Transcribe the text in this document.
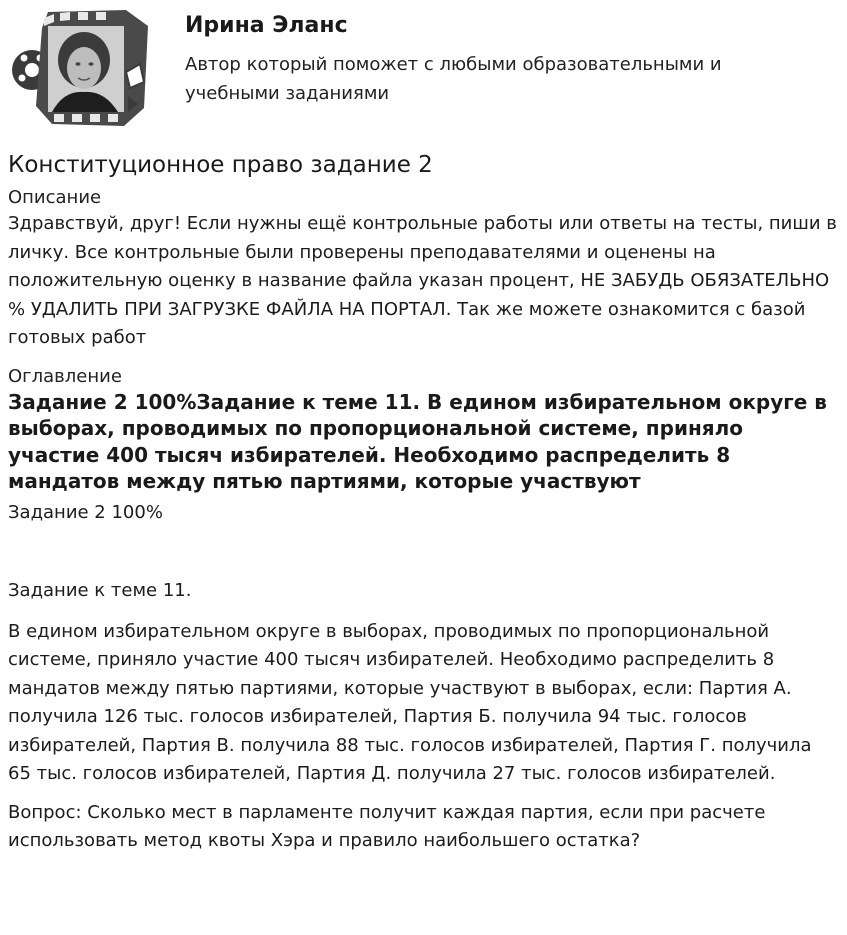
Ирина Эланс
Автор который поможет с любыми образовательными и учебными заданиями
Конституционное право задание 2
Описание
Здравствуй, друг! Если нужны ещё контрольные работы или ответы на тесты, пиши в личку. Все контрольные были проверены преподавателями и оценены на положительную оценку в название файла указан процент, НЕ ЗАБУДЬ ОБЯЗАТЕЛЬНО % УДАЛИТЬ ПРИ ЗАГРУЗКЕ ФАЙЛА НА ПОРТАЛ. Так же можете ознакомится с базой готовых работ
Оглавление
Задание 2 100%Задание к теме 11. В едином избирательном округе в выборах, проводимых по пропорциональной системе, приняло участие 400 тысяч избирателей. Необходимо распределить 8 мандатов между пятью партиями, которые участвуют
Задание 2 100%
Задание к теме 11.
В едином избирательном округе в выборах, проводимых по пропорциональной системе, приняло участие 400 тысяч избирателей. Необходимо распределить 8 мандатов между пятью партиями, которые участвуют в выборах, если: Партия А. получила 126 тыс. голосов избирателей, Партия Б. получила 94 тыс. голосов избирателей, Партия В. получила 88 тыс. голосов избирателей, Партия Г. получила 65 тыс. голосов избирателей, Партия Д. получила 27 тыс. голосов избирателей.
Вопрос: Сколько мест в парламенте получит каждая партия, если при расчете использовать метод квоты Хэра и правило наибольшего остатка?
